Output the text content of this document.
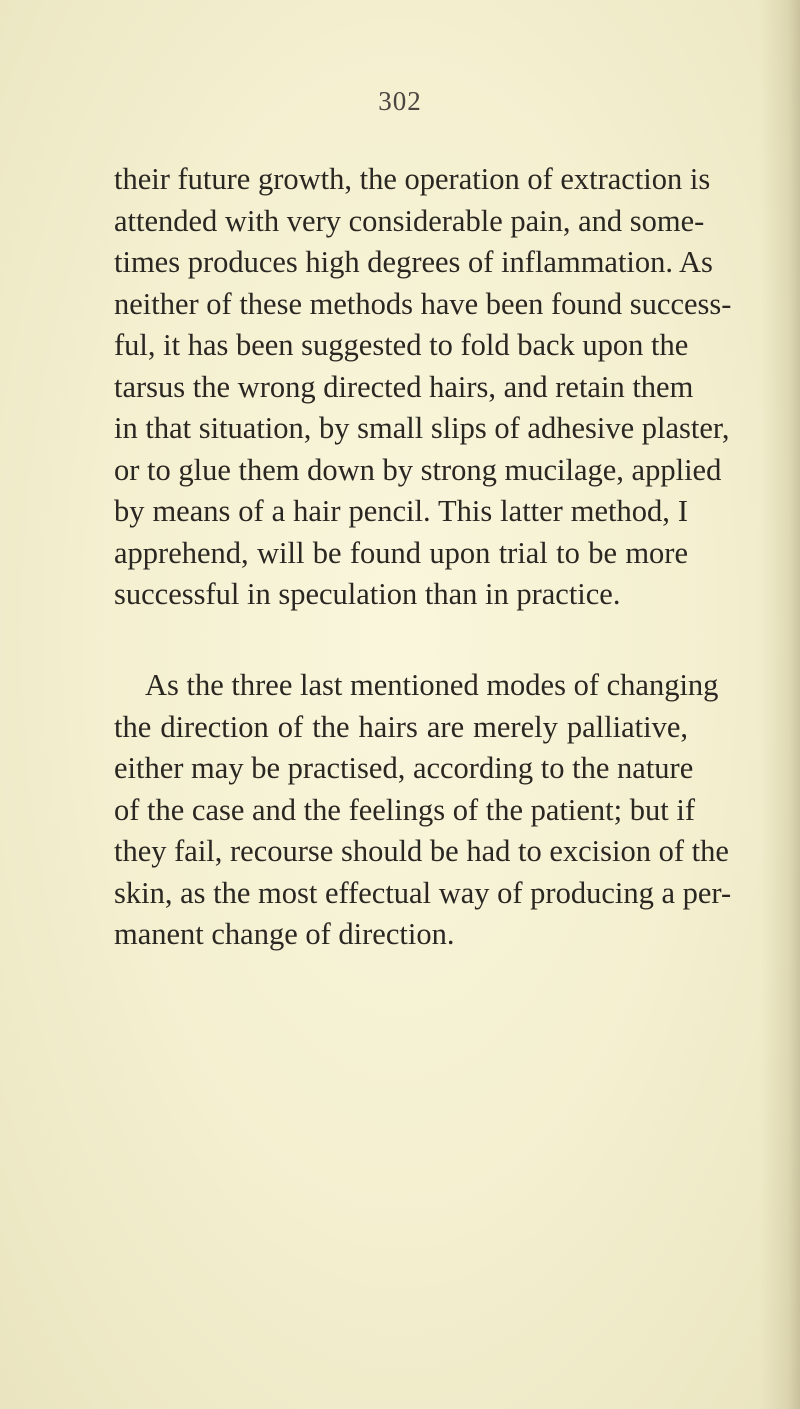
302

their future growth, the operation of extraction is
attended with very considerable pain, and some-
times produces high degrees of inflammation. As
neither of these methods have been found success-
ful, it has been suggested to fold back upon the
tarsus the wrong directed hairs, and retain them
in that situation, by small slips of adhesive plaster,
or to glue them down by strong mucilage, applied
by means of a hair pencil. This latter method, I
apprehend, will be found upon trial to be more
successful in speculation than in practice.

As the three last mentioned modes of changing
the direction of the hairs are merely palliative,
either may be practised, according to the nature
of the case and the feelings of the patient; but if
they fail, recourse should be had to excision of the
skin, as the most effectual way of producing a per-
manent change of direction.
